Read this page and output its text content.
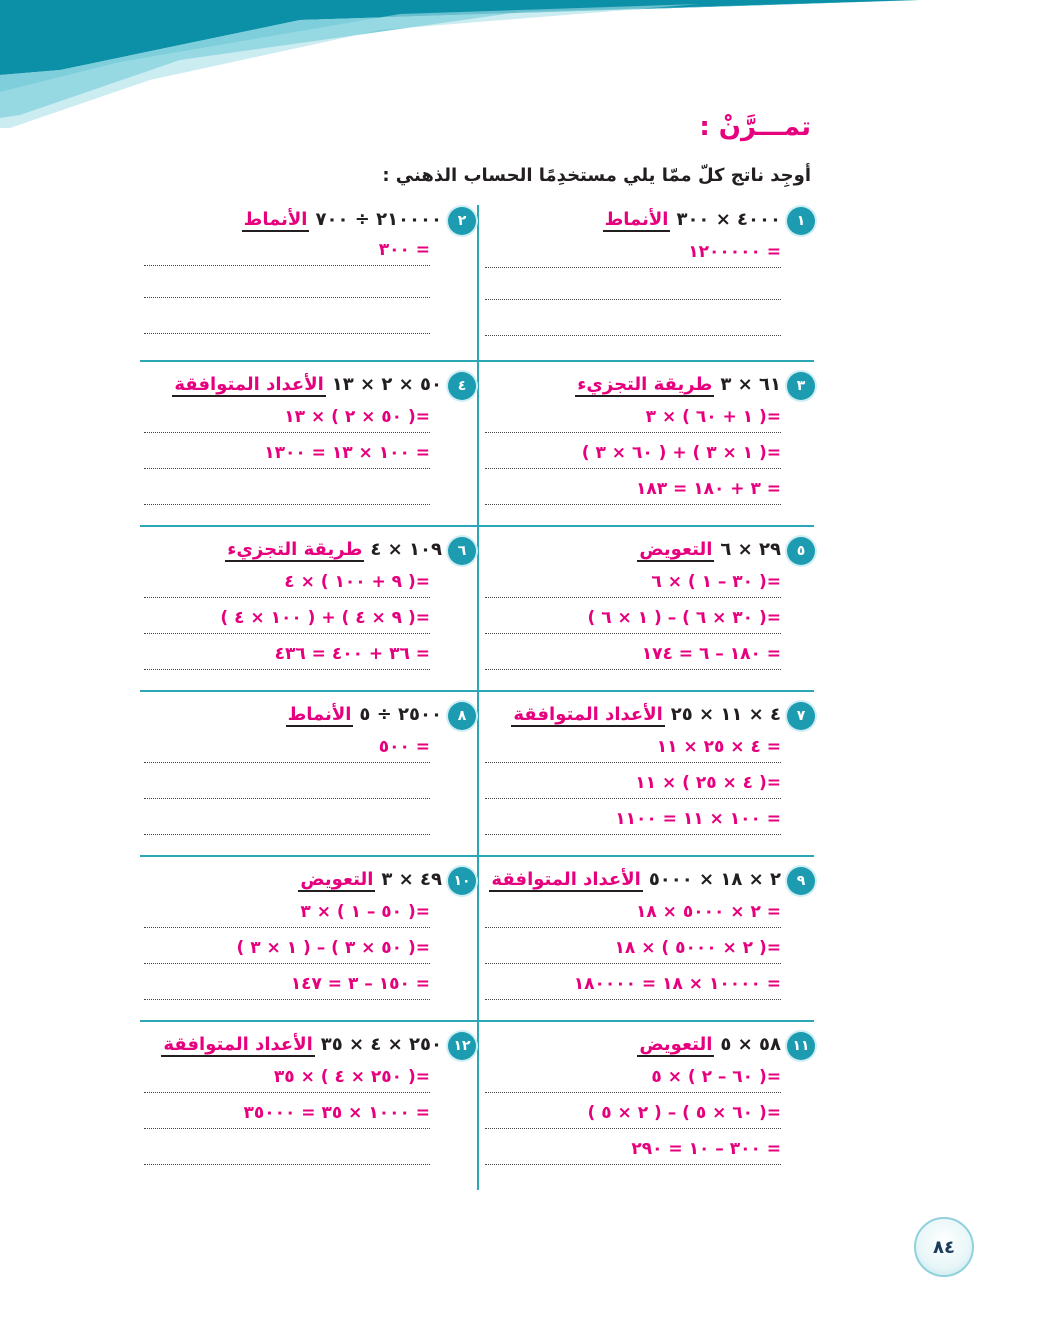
تمـــرَّنْ :

أوجِد ناتج كلّ ممّا يلي مستخدِمًا الحساب الذهني :

١
٤٠٠٠ × ٣٠٠الأنماط
= ١٢٠٠٠٠٠
٢
٢١٠٠٠٠ ÷ ٧٠٠الأنماط
= ٣٠٠
٣
٦١ × ٣طريقة التجزيء
=( ١ + ٦٠ ) × ٣
=( ١ × ٣ ) + ( ٦٠ × ٣ )
= ٣ + ١٨٠ = ١٨٣
٤
٥٠ × ٢ × ١٣الأعداد المتوافقة
=( ٥٠ × ٢ ) × ١٣
= ١٠٠ × ١٣ = ١٣٠٠
٥
٢٩ × ٦التعويض
=( ٣٠ – ١ ) × ٦
=( ٣٠ × ٦ ) – ( ١ × ٦ )
= ١٨٠ – ٦ = ١٧٤
٦
١٠٩ × ٤طريقة التجزيء
=( ٩ + ١٠٠ ) × ٤
=( ٩ × ٤ ) + ( ١٠٠ × ٤ )
= ٣٦ + ٤٠٠ = ٤٣٦
٧
٤ × ١١ × ٢٥الأعداد المتوافقة
= ٤ × ٢٥ × ١١
=( ٤ × ٢٥ ) × ١١
= ١٠٠ × ١١ = ١١٠٠
٨
٢٥٠٠ ÷ ٥الأنماط
= ٥٠٠
٩
٢ × ١٨ × ٥٠٠٠الأعداد المتوافقة
= ٢ × ٥٠٠٠ × ١٨
=( ٢ × ٥٠٠٠ ) × ١٨
= ١٠٠٠٠ × ١٨ = ١٨٠٠٠٠
١٠
٤٩ × ٣التعويض
=( ٥٠ – ١ ) × ٣
=( ٥٠ × ٣ ) – ( ١ × ٣ )
= ١٥٠ – ٣ = ١٤٧
١١
٥٨ × ٥التعويض
=( ٦٠ – ٢ ) × ٥
=( ٦٠ × ٥ ) – ( ٢ × ٥ )
= ٣٠٠ – ١٠ = ٢٩٠
١٢
٢٥٠ × ٤ × ٣٥الأعداد المتوافقة
=( ٢٥٠ × ٤ ) × ٣٥
= ١٠٠٠ × ٣٥ = ٣٥٠٠٠
٨٤
